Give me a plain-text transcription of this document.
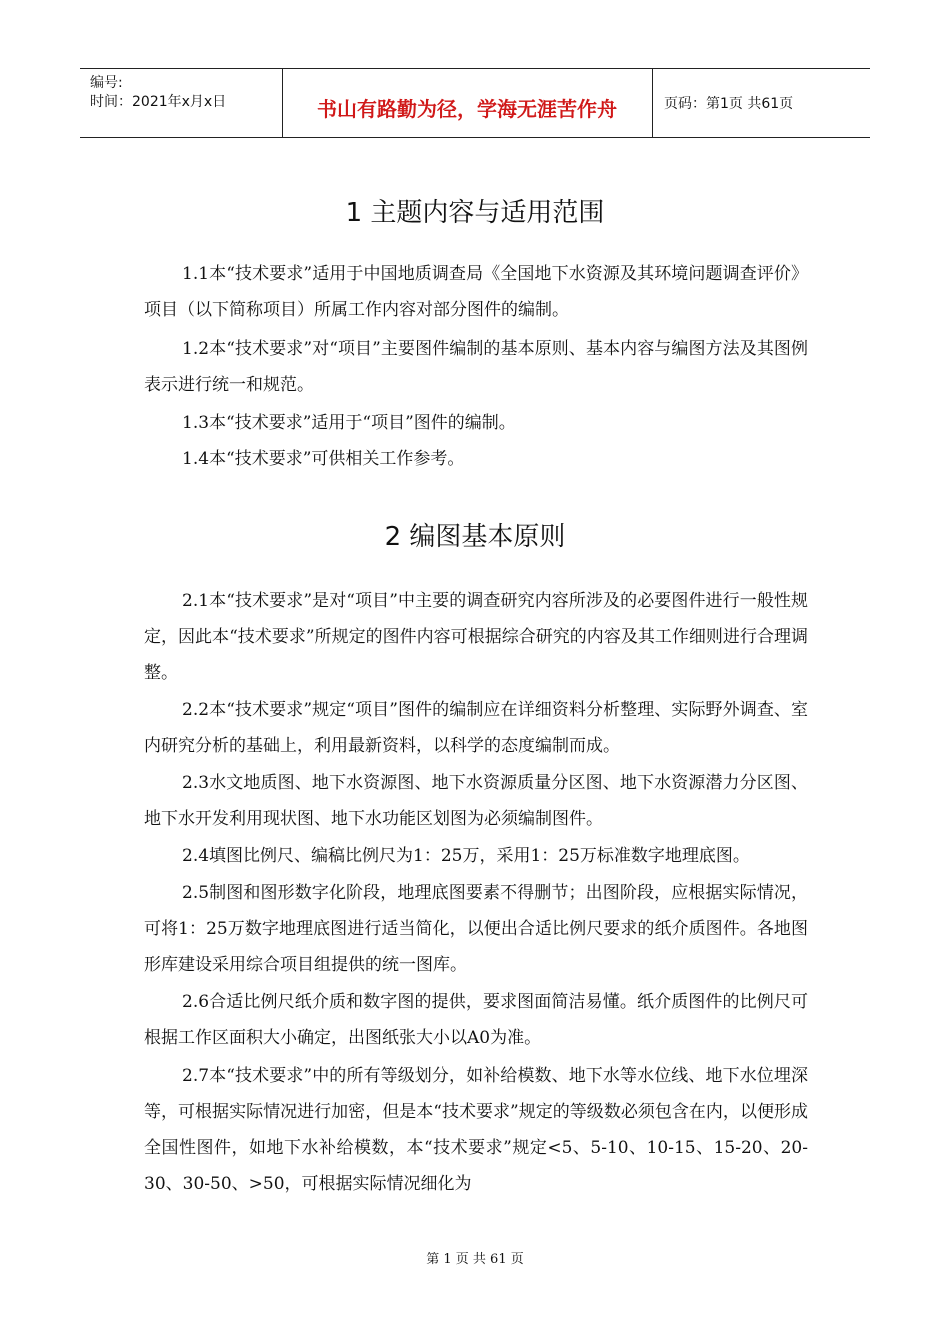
编号:
时间：2021年x月x日	书山有路勤为径，学海无涯苦作舟	页码：第1页 共61页
1 主题内容与适用范围

1.1本“技术要求”适用于中国地质调查局《全国地下水资源及其环境问题调查评价》项目（以下简称项目）所属工作内容对部分图件的编制。

1.2本“技术要求”对“项目”主要图件编制的基本原则、基本内容与编图方法及其图例表示进行统一和规范。

1.3本“技术要求”适用于“项目”图件的编制。

1.4本“技术要求”可供相关工作参考。

2 编图基本原则

2.1本“技术要求”是对“项目”中主要的调查研究内容所涉及的必要图件进行一般性规定，因此本“技术要求”所规定的图件内容可根据综合研究的内容及其工作细则进行合理调整。

2.2本“技术要求”规定“项目”图件的编制应在详细资料分析整理、实际野外调查、室内研究分析的基础上，利用最新资料，以科学的态度编制而成。

2.3水文地质图、地下水资源图、地下水资源质量分区图、地下水资源潜力分区图、地下水开发利用现状图、地下水功能区划图为必须编制图件。

2.4填图比例尺、编稿比例尺为1：25万，采用1：25万标准数字地理底图。

2.5制图和图形数字化阶段，地理底图要素不得删节；出图阶段，应根据实际情况，可将1：25万数字地理底图进行适当简化，以便出合适比例尺要求的纸介质图件。各地图形库建设采用综合项目组提供的统一图库。

2.6合适比例尺纸介质和数字图的提供，要求图面简洁易懂。纸介质图件的比例尺可根据工作区面积大小确定，出图纸张大小以A0为准。

2.7本“技术要求”中的所有等级划分，如补给模数、地下水等水位线、地下水位埋深等，可根据实际情况进行加密，但是本“技术要求”规定的等级数必须包含在内，以便形成全国性图件，如地下水补给模数，本“技术要求”规定<5、5-10、10-15、15-20、20-30、30-50、>50，可根据实际情况细化为

第 1 页 共 61 页
